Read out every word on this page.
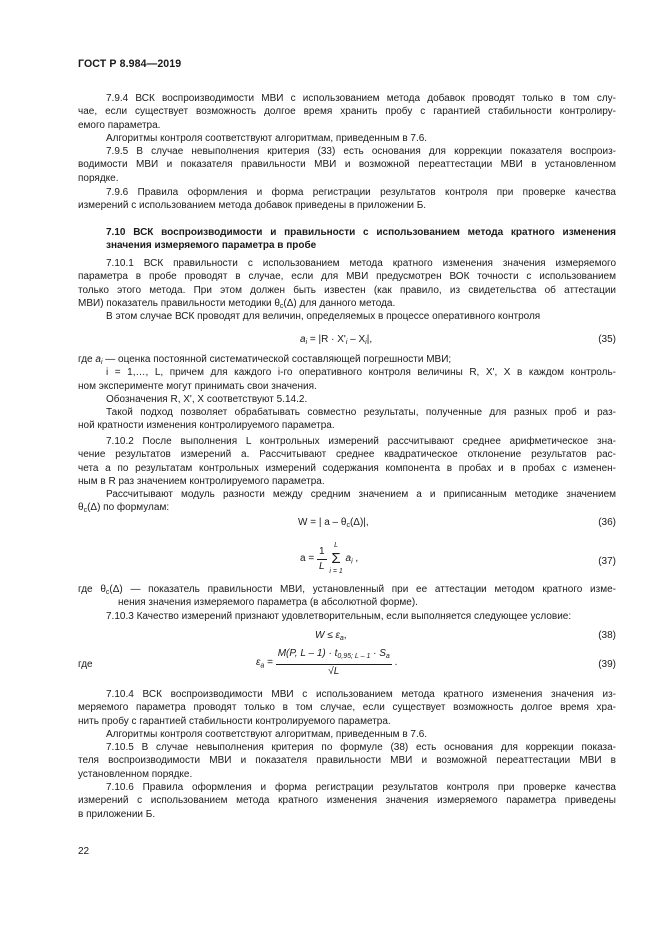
ГОСТ Р 8.984—2019
7.9.4 ВСК воспроизводимости МВИ с использованием метода добавок проводят только в том слу-
чае, если существует возможность долгое время хранить пробу с гарантией стабильности контролиру-
емого параметра.
Алгоритмы контроля соответствуют алгоритмам, приведенным в 7.6.
7.9.5 В случае невыполнения критерия (33) есть основания для коррекции показателя воспроиз-
водимости МВИ и показателя правильности МВИ и возможной переаттестации МВИ в установленном
порядке.
7.9.6 Правила оформления и форма регистрации результатов контроля при проверке качества
измерений с использованием метода добавок приведены в приложении Б.
7.10 ВСК воспроизводимости и правильности с использованием метода кратного изменения
значения измеряемого параметра в пробе
7.10.1 ВСК правильности с использованием метода кратного изменения значения измеряемого
параметра в пробе проводят в случае, если для МВИ предусмотрен ВОК точности с использованием
только этого метода. При этом должен быть известен (как правило, из свидетельства об аттестации
МВИ) показатель правильности методики $\theta_c(\Delta)$ для данного метода.
В этом случае ВСК проводят для величин, определяемых в процессе оперативного контроля
$a_i = |R \cdot X'_i - X_i|$,	(35)
где $a_i$ — оценка постоянной систематической составляющей погрешности МВИ;
i = 1,…, L, причем для каждого i-го оперативного контроля величины R, X', X в каждом контроль-
ном эксперименте могут принимать свои значения.
Обозначения R, X', X соответствуют 5.14.2.
Такой подход позволяет обрабатывать совместно результаты, полученные для разных проб и раз-
ной кратности изменения контролируемого параметра.
7.10.2 После выполнения L контрольных измерений рассчитывают среднее арифметическое зна-
чение результатов измерений a. Рассчитывают среднее квадратическое отклонение результатов рас-
чета a по результатам контрольных измерений содержания компонента в пробах и в пробах с изменен-
ным в R раз значением контролируемого параметра.
Рассчитывают модуль разности между средним значением a и приписанным методике значением
$\theta_c(\Delta)$ по формулам:
W = | a – $\theta_c(\Delta)|$,	(36)
$a = \frac{1}{L}$
	L
Σ
i = 1
$a_i$ ,	(37)
где $\theta_c(\Delta)$ — показатель правильности МВИ, установленный при ее аттестации методом кратного изме-
нения значения измеряемого параметра (в абсолютной форме).
7.10.3 Качество измерений признают удовлетворительным, если выполняется следующее условие:
$W \le \varepsilon_a$,	(38)
где	$\varepsilon_a = \frac{M(P, L - 1) \cdot t_{0,95; L - 1} \cdot S_a}{√L}$ .	(39)
7.10.4 ВСК воспроизводимости МВИ с использованием метода кратного изменения значения из-
меряемого параметра проводят только в том случае, если существует возможность долгое время хра-
нить пробу с гарантией стабильности контролируемого параметра.
Алгоритмы контроля соответствуют алгоритмам, приведенным в 7.6.
7.10.5 В случае невыполнения критерия по формуле (38) есть основания для коррекции показа-
теля воспроизводимости МВИ и показателя правильности МВИ и возможной переаттестации МВИ в
установленном порядке.
7.10.6 Правила оформления и форма регистрации результатов контроля при проверке качества
измерений с использованием метода кратного изменения значения измеряемого параметра приведены
в приложении Б.
22
